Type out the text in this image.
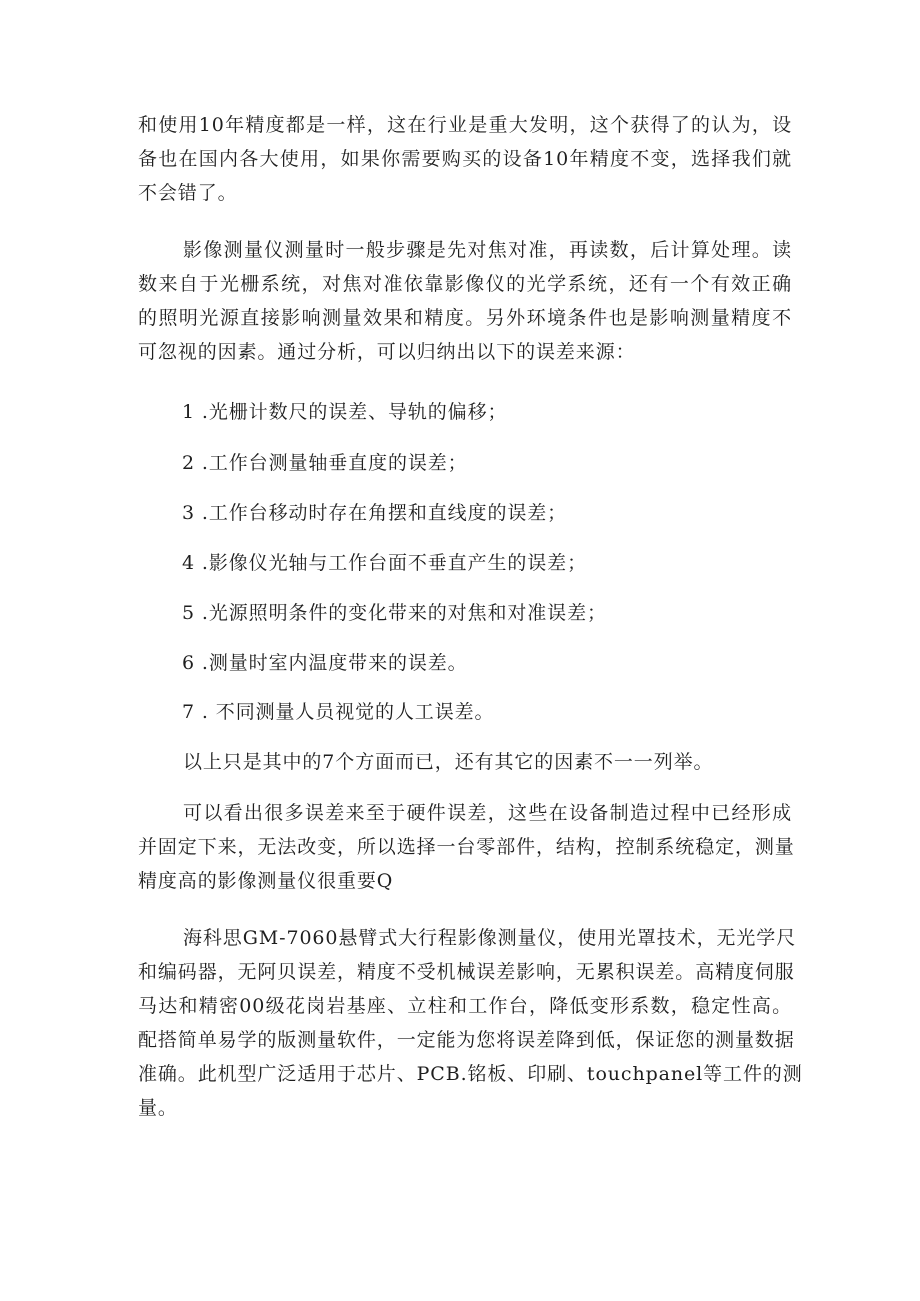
和使用10年精度都是一样，这在行业是重大发明，这个获得了的认为，设
备也在国内各大使用，如果你需要购买的设备10年精度不变，选择我们就
不会错了。
影像测量仪测量时一般步骤是先对焦对准，再读数，后计算处理。读
数来自于光栅系统，对焦对准依靠影像仪的光学系统，还有一个有效正确
的照明光源直接影响测量效果和精度。另外环境条件也是影响测量精度不
可忽视的因素。通过分析，可以归纳出以下的误差来源：
1 .光栅计数尺的误差、导轨的偏移；
2 .工作台测量轴垂直度的误差；
3 .工作台移动时存在角摆和直线度的误差；
4 .影像仪光轴与工作台面不垂直产生的误差；
5 .光源照明条件的变化带来的对焦和对准误差；
6 .测量时室内温度带来的误差。
7 . 不同测量人员视觉的人工误差。
以上只是其中的7个方面而已，还有其它的因素不一一列举。
可以看出很多误差来至于硬件误差，这些在设备制造过程中已经形成
并固定下来，无法改变，所以选择一台零部件，结构，控制系统稳定，测量
精度高的影像测量仪很重要Q
海科思GM-7060悬臂式大行程影像测量仪，使用光罩技术，无光学尺
和编码器，无阿贝误差，精度不受机械误差影响，无累积误差。高精度伺服
马达和精密00级花岗岩基座、立柱和工作台，降低变形系数，稳定性高。
配搭简单易学的版测量软件，一定能为您将误差降到低，保证您的测量数据
准确。此机型广泛适用于芯片、PCB.铭板、印刷、touchpanel等工件的测
量。
